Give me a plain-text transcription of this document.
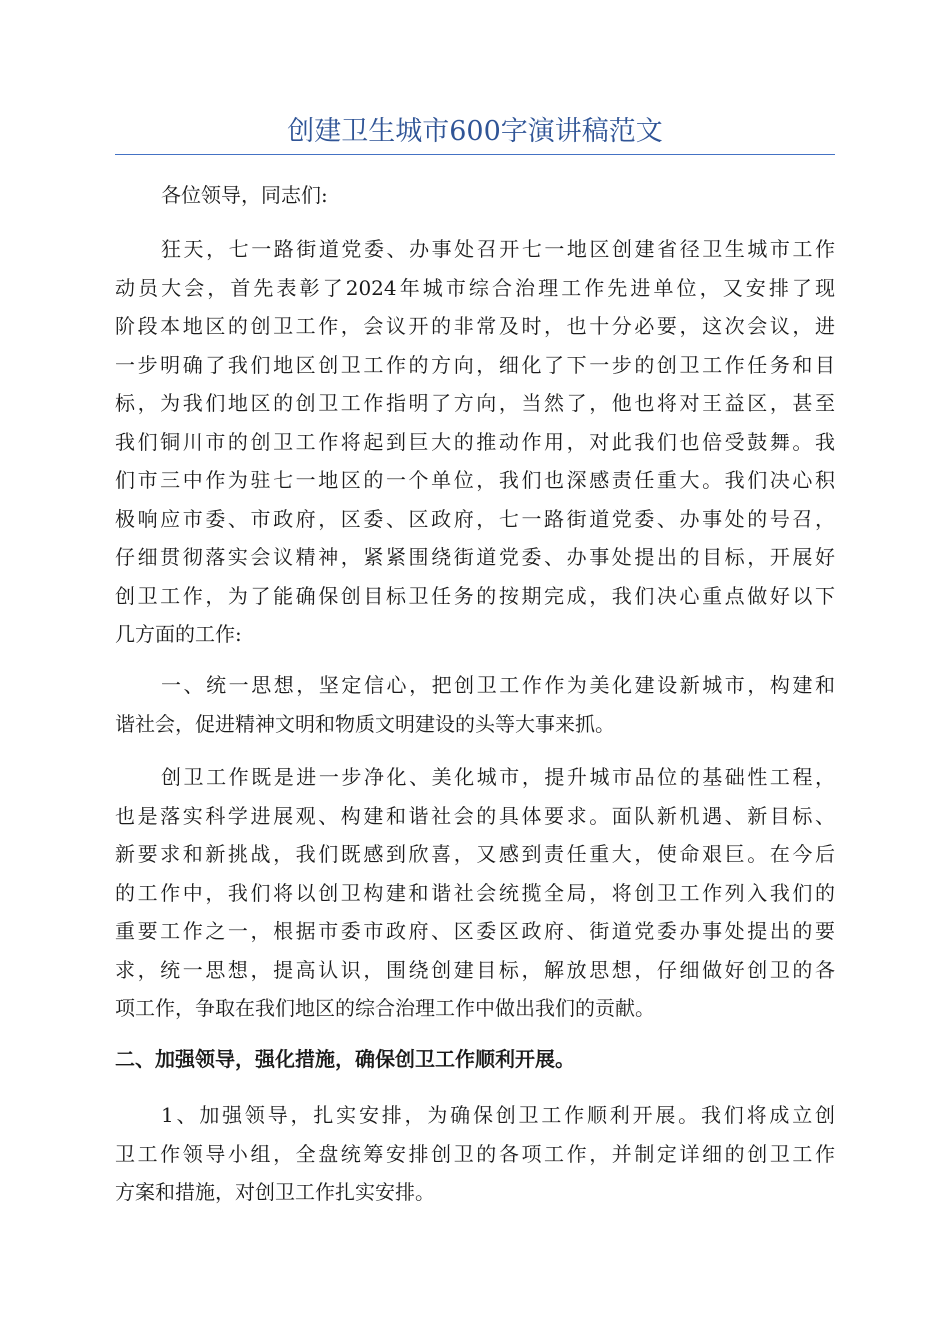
创建卫生城市600字演讲稿范文

各位领导，同志们:

狂天，七一路街道党委、办事处召开七一地区创建省径卫生城市工作
动员大会，首先表彰了2024年城市综合治理工作先进单位，又安排了现
阶段本地区的创卫工作，会议开的非常及时，也十分必要，这次会议，进
一步明确了我们地区创卫工作的方向，细化了下一步的创卫工作任务和目
标，为我们地区的创卫工作指明了方向，当然了，他也将对王益区，甚至
我们铜川市的创卫工作将起到巨大的推动作用，对此我们也倍受鼓舞。我
们市三中作为驻七一地区的一个单位，我们也深感责任重大。我们决心积
极响应市委、市政府，区委、区政府，七一路街道党委、办事处的号召，
仔细贯彻落实会议精神，紧紧围绕街道党委、办事处提出的目标，开展好
创卫工作，为了能确保创目标卫任务的按期完成，我们决心重点做好以下
几方面的工作:

一、统一思想，坚定信心，把创卫工作作为美化建设新城市，构建和
谐社会，促进精神文明和物质文明建设的头等大事来抓。

创卫工作既是进一步净化、美化城市，提升城市品位的基础性工程，
也是落实科学进展观、构建和谐社会的具体要求。面队新机遇、新目标、
新要求和新挑战，我们既感到欣喜，又感到责任重大，使命艰巨。在今后
的工作中，我们将以创卫构建和谐社会统揽全局，将创卫工作列入我们的
重要工作之一，根据市委市政府、区委区政府、街道党委办事处提出的要
求，统一思想，提高认识，围绕创建目标，解放思想，仔细做好创卫的各
项工作，争取在我们地区的综合治理工作中做出我们的贡献。

二、加强领导，强化措施，确保创卫工作顺利开展。

1、加强领导，扎实安排，为确保创卫工作顺利开展。我们将成立创
卫工作领导小组，全盘统筹安排创卫的各项工作，并制定详细的创卫工作
方案和措施，对创卫工作扎实安排。
